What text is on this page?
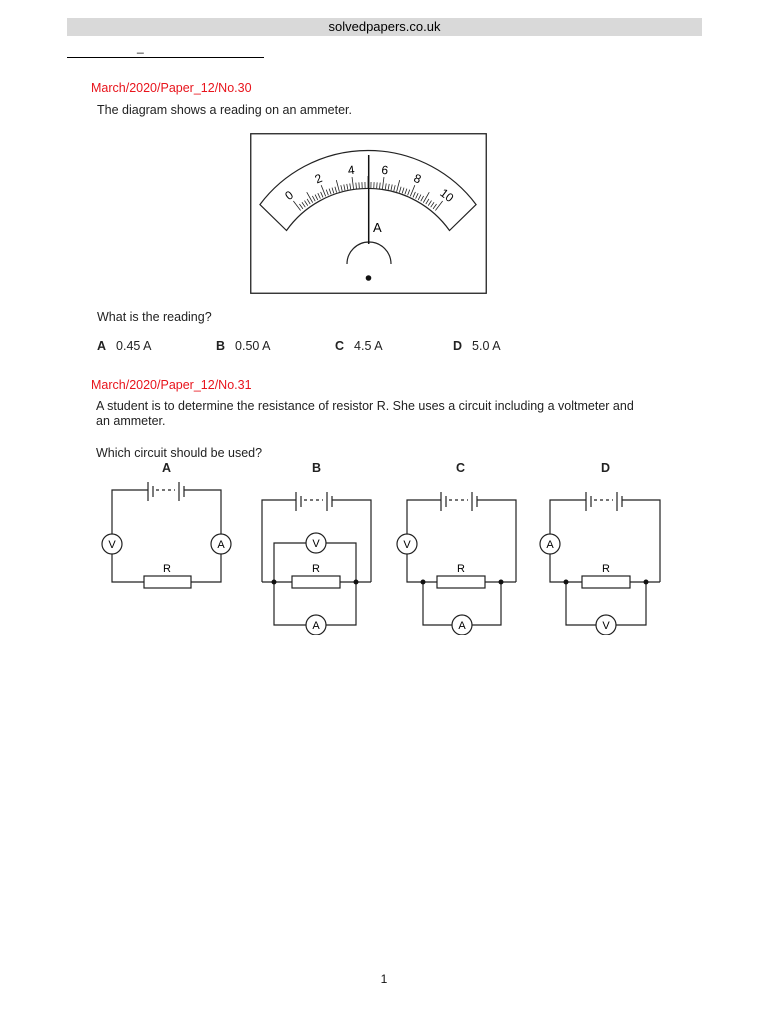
solvedpapers.co.uk
_
March/2020/Paper_12/No.30
The diagram shows a reading on an ammeter.
0
2
4 6
8
10
A
What is the reading?
A 0.45 A	B 0.50 A	C 4.5 A	D 5.0 A
March/2020/Paper_12/No.31
A student is to determine the resistance of resistor R. She uses a circuit including a voltmeter and
an ammeter.
Which circuit should be used?
A	B	C	D
V	A
R
V
A
R
V
A
R
A
V
R
1
